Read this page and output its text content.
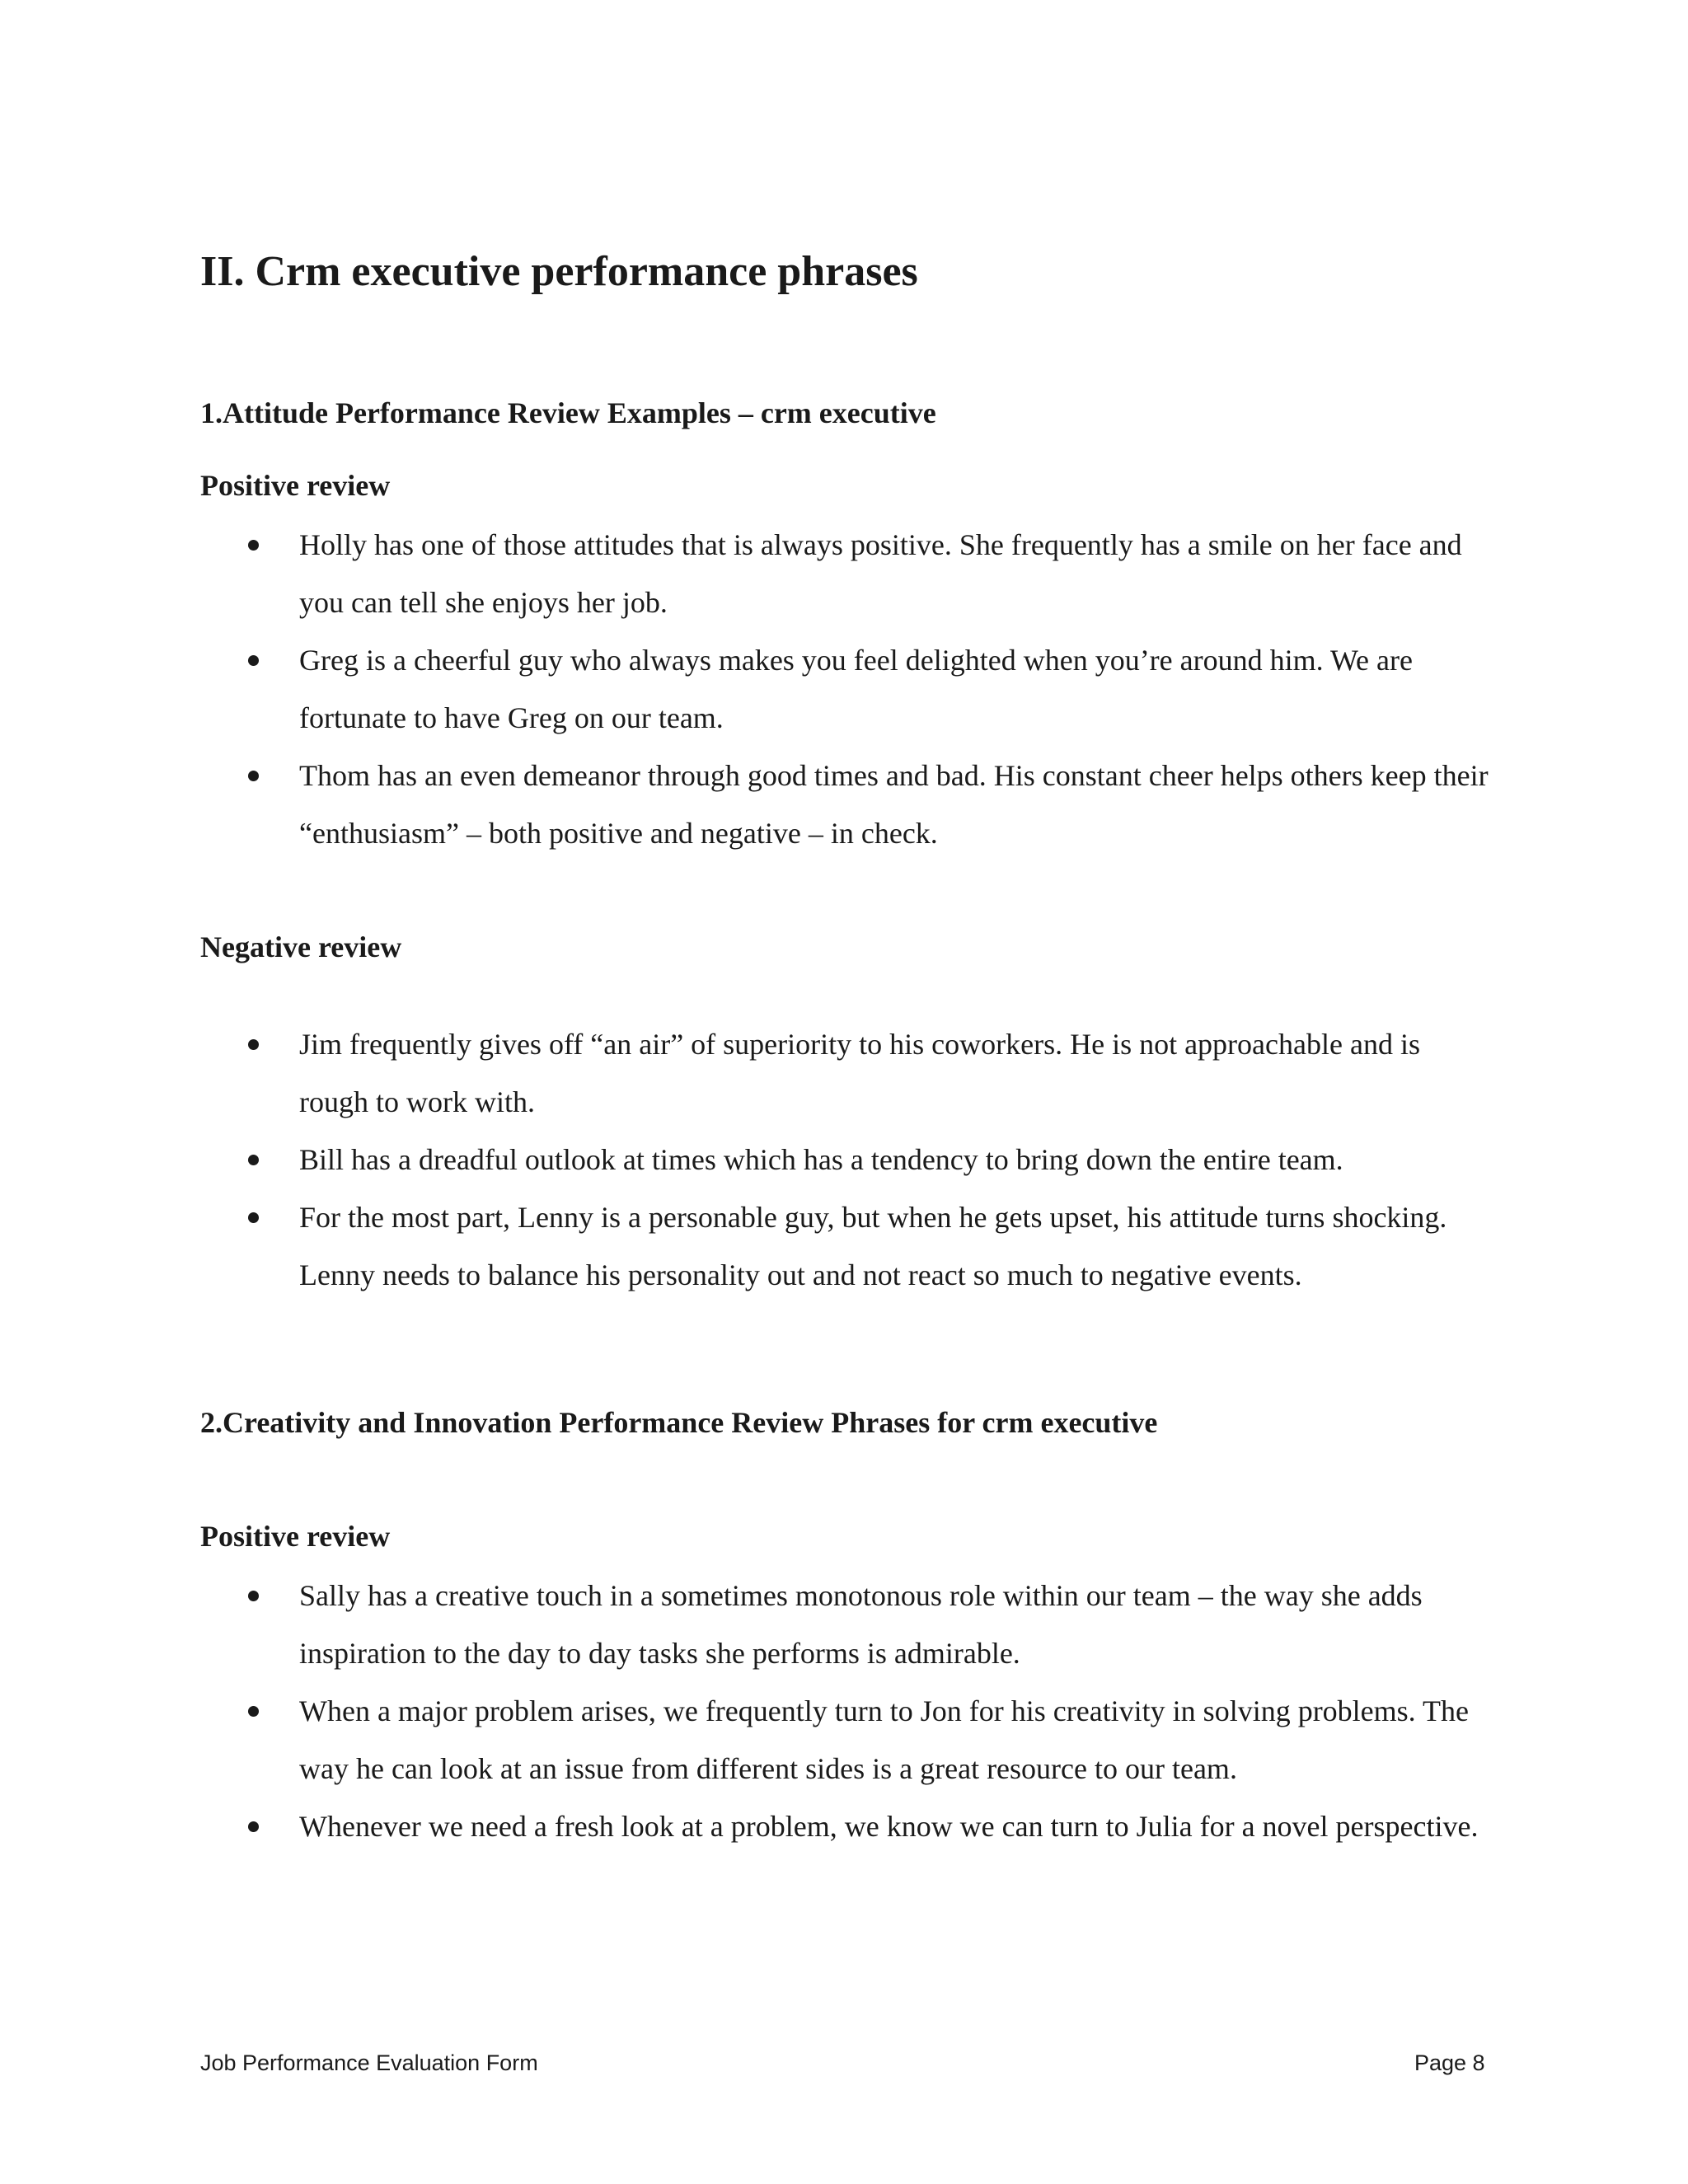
II. Crm executive performance phrases
1.Attitude Performance Review Examples – crm executive
Positive review
Holly has one of those attitudes that is always positive. She frequently has a smile on her face and you can tell she enjoys her job.
Greg is a cheerful guy who always makes you feel delighted when you’re around him. We are fortunate to have Greg on our team.
Thom has an even demeanor through good times and bad. His constant cheer helps others keep their “enthusiasm” – both positive and negative – in check.
Negative review
Jim frequently gives off “an air” of superiority to his coworkers. He is not approachable and is rough to work with.
Bill has a dreadful outlook at times which has a tendency to bring down the entire team.
For the most part, Lenny is a personable guy, but when he gets upset, his attitude turns shocking. Lenny needs to balance his personality out and not react so much to negative events.
2.Creativity and Innovation Performance Review Phrases for crm executive
Positive review
Sally has a creative touch in a sometimes monotonous role within our team – the way she adds inspiration to the day to day tasks she performs is admirable.
When a major problem arises, we frequently turn to Jon for his creativity in solving problems. The way he can look at an issue from different sides is a great resource to our team.
Whenever we need a fresh look at a problem, we know we can turn to Julia for a novel perspective.
Job Performance Evaluation Form	Page 8
